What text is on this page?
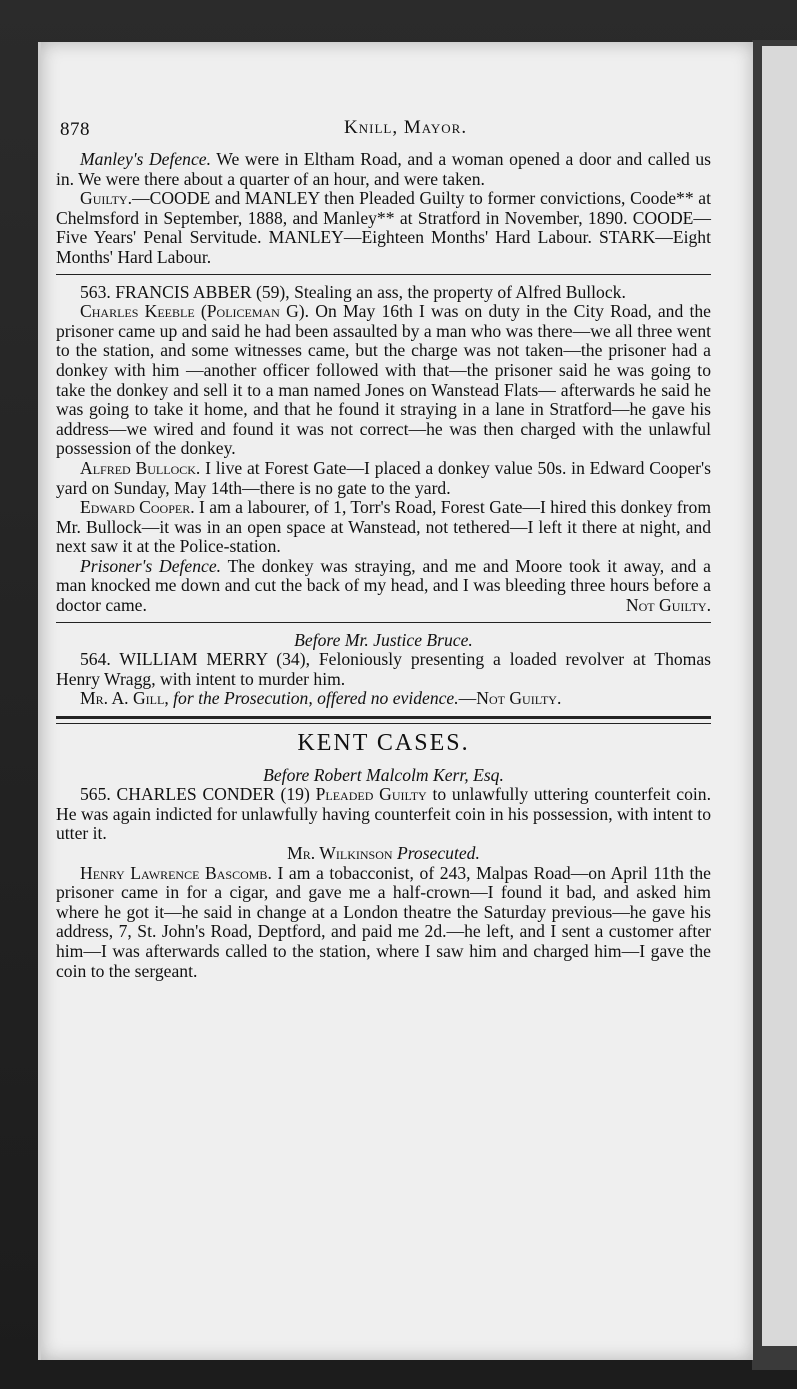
878	Knill, Mayor.

Manley's Defence. We were in Eltham Road, and a woman opened a door and called us in. We were there about a quarter of an hour, and were taken.

Guilty.—COODE and MANLEY then Pleaded Guilty to former convictions, Coode** at Chelmsford in September, 1888, and Manley** at Stratford in November, 1890. COODE—Five Years' Penal Servitude. MANLEY—Eighteen Months' Hard Labour. STARK—Eight Months' Hard Labour.

563. FRANCIS ABBER (59), Stealing an ass, the property of Alfred Bullock.

Charles Keeble (Policeman G). On May 16th I was on duty in the City Road, and the prisoner came up and said he had been assaulted by a man who was there—we all three went to the station, and some witnesses came, but the charge was not taken—the prisoner had a donkey with him —another officer followed with that—the prisoner said he was going to take the donkey and sell it to a man named Jones on Wanstead Flats— afterwards he said he was going to take it home, and that he found it straying in a lane in Stratford—he gave his address—we wired and found it was not correct—he was then charged with the unlawful possession of the donkey.

Alfred Bullock. I live at Forest Gate—I placed a donkey value 50s. in Edward Cooper's yard on Sunday, May 14th—there is no gate to the yard.

Edward Cooper. I am a labourer, of 1, Torr's Road, Forest Gate—I hired this donkey from Mr. Bullock—it was in an open space at Wanstead, not tethered—I left it there at night, and next saw it at the Police-station.

Prisoner's Defence. The donkey was straying, and me and Moore took it away, and a man knocked me down and cut the back of my head, and I was bleeding three hours before a doctor came.	Not Guilty.

Before Mr. Justice Bruce.

564. WILLIAM MERRY (34), Feloniously presenting a loaded revolver at Thomas Henry Wragg, with intent to murder him.

Mr. A. Gill, for the Prosecution, offered no evidence.—Not Guilty.

KENT CASES.

Before Robert Malcolm Kerr, Esq.

565. CHARLES CONDER (19) Pleaded Guilty to unlawfully uttering counterfeit coin. He was again indicted for unlawfully having counterfeit coin in his possession, with intent to utter it.

Mr. Wilkinson Prosecuted.

Henry Lawrence Bascomb. I am a tobacconist, of 243, Malpas Road—on April 11th the prisoner came in for a cigar, and gave me a half-crown—I found it bad, and asked him where he got it—he said in change at a London theatre the Saturday previous—he gave his address, 7, St. John's Road, Deptford, and paid me 2d.—he left, and I sent a customer after him—I was afterwards called to the station, where I saw him and charged him—I gave the coin to the sergeant.
